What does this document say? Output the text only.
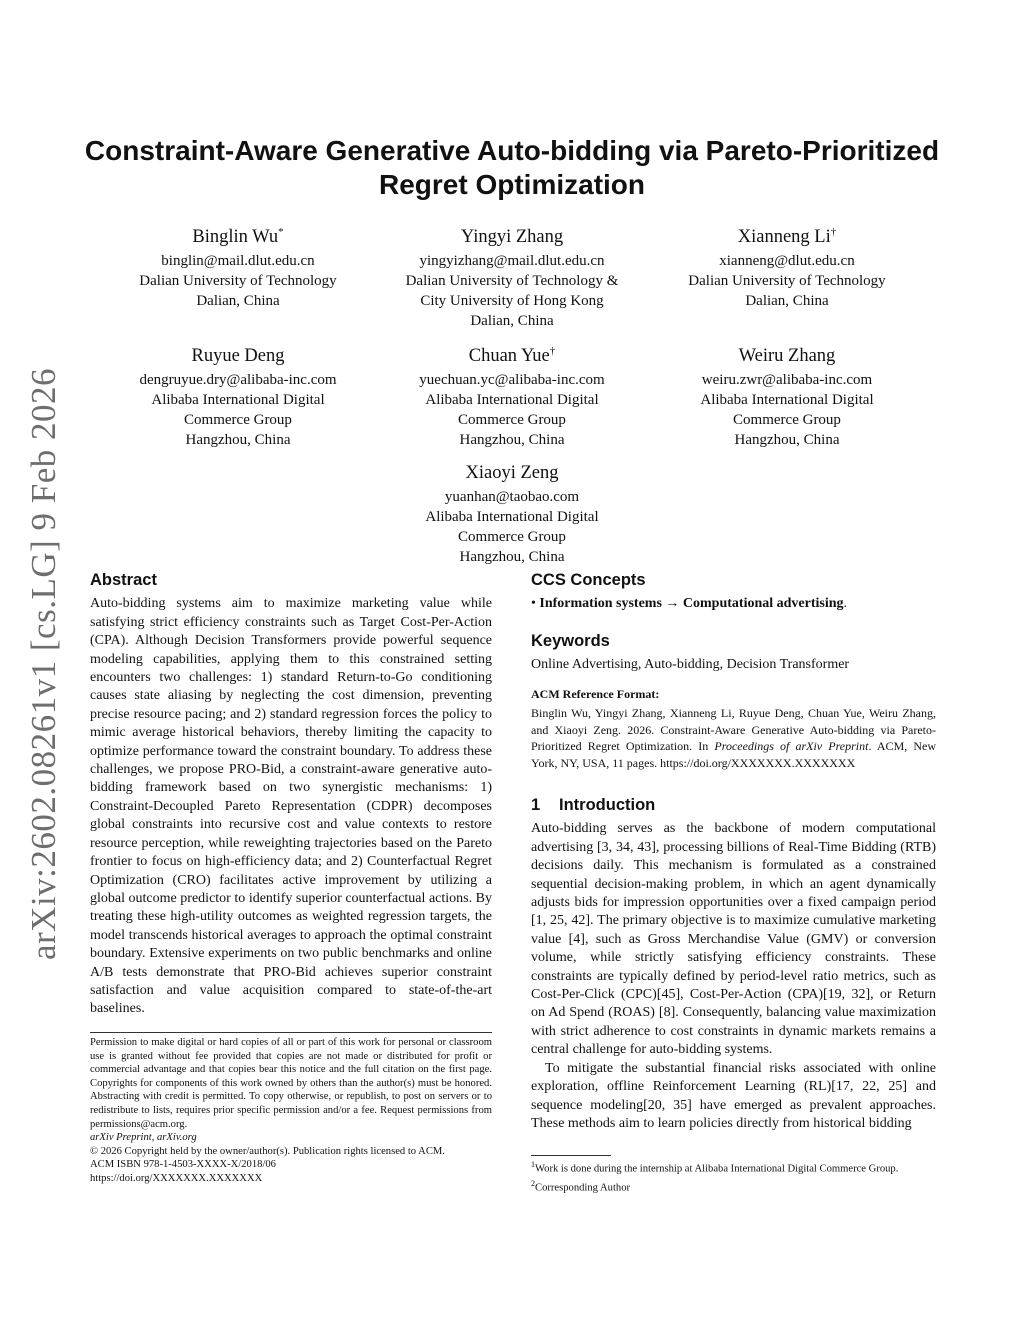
arXiv:2602.08261v1 [cs.LG] 9 Feb 2026
Constraint-Aware Generative Auto-bidding via Pareto-Prioritized Regret Optimization
Binglin Wu*
binglin@mail.dlut.edu.cn
Dalian University of Technology
Dalian, China
Yingyi Zhang
yingyizhang@mail.dlut.edu.cn
Dalian University of Technology &
City University of Hong Kong
Dalian, China
Xianneng Li†
xianneng@dlut.edu.cn
Dalian University of Technology
Dalian, China
Ruyue Deng
dengruyue.dry@alibaba-inc.com
Alibaba International Digital
Commerce Group
Hangzhou, China
Chuan Yue†
yuechuan.yc@alibaba-inc.com
Alibaba International Digital
Commerce Group
Hangzhou, China
Weiru Zhang
weiru.zwr@alibaba-inc.com
Alibaba International Digital
Commerce Group
Hangzhou, China
Xiaoyi Zeng
yuanhan@taobao.com
Alibaba International Digital
Commerce Group
Hangzhou, China
Abstract

Auto-bidding systems aim to maximize marketing value while satisfying strict efficiency constraints such as Target Cost-Per-Action (CPA). Although Decision Transformers provide powerful sequence modeling capabilities, applying them to this constrained setting encounters two challenges: 1) standard Return-to-Go conditioning causes state aliasing by neglecting the cost dimension, preventing precise resource pacing; and 2) standard regression forces the policy to mimic average historical behaviors, thereby limiting the capacity to optimize performance toward the constraint boundary. To address these challenges, we propose PRO-Bid, a constraint-aware generative auto-bidding framework based on two synergistic mechanisms: 1) Constraint-Decoupled Pareto Representation (CDPR) decomposes global constraints into recursive cost and value contexts to restore resource perception, while reweighting trajectories based on the Pareto frontier to focus on high-efficiency data; and 2) Counterfactual Regret Optimization (CRO) facilitates active improvement by utilizing a global outcome predictor to identify superior counterfactual actions. By treating these high-utility outcomes as weighted regression targets, the model transcends historical averages to approach the optimal constraint boundary. Extensive experiments on two public benchmarks and online A/B tests demonstrate that PRO-Bid achieves superior constraint satisfaction and value acquisition compared to state-of-the-art baselines.

Permission to make digital or hard copies of all or part of this work for personal or classroom use is granted without fee provided that copies are not made or distributed for profit or commercial advantage and that copies bear this notice and the full citation on the first page. Copyrights for components of this work owned by others than the author(s) must be honored. Abstracting with credit is permitted. To copy otherwise, or republish, to post on servers or to redistribute to lists, requires prior specific permission and/or a fee. Request permissions from permissions@acm.org.

arXiv Preprint, arXiv.org

© 2026 Copyright held by the owner/author(s). Publication rights licensed to ACM.

ACM ISBN 978-1-4503-XXXX-X/2018/06

https://doi.org/XXXXXXX.XXXXXXX

CCS Concepts
• Information systems → Computational advertising.
Keywords

Online Advertising, Auto-bidding, Decision Transformer

ACM Reference Format:

Binglin Wu, Yingyi Zhang, Xianneng Li, Ruyue Deng, Chuan Yue, Weiru Zhang, and Xiaoyi Zeng. 2026. Constraint-Aware Generative Auto-bidding via Pareto-Prioritized Regret Optimization. In Proceedings of arXiv Preprint. ACM, New York, NY, USA, 11 pages. https://doi.org/XXXXXXX.XXXXXXX

1 Introduction

Auto-bidding serves as the backbone of modern computational advertising [3, 34, 43], processing billions of Real-Time Bidding (RTB) decisions daily. This mechanism is formulated as a constrained sequential decision-making problem, in which an agent dynamically adjusts bids for impression opportunities over a fixed campaign period [1, 25, 42]. The primary objective is to maximize cumulative marketing value [4], such as Gross Merchandise Value (GMV) or conversion volume, while strictly satisfying efficiency constraints. These constraints are typically defined by period-level ratio metrics, such as Cost-Per-Click (CPC)[45], Cost-Per-Action (CPA)[19, 32], or Return on Ad Spend (ROAS) [8]. Consequently, balancing value maximization with strict adherence to cost constraints in dynamic markets remains a central challenge for auto-bidding systems.

To mitigate the substantial financial risks associated with online exploration, offline Reinforcement Learning (RL)[17, 22, 25] and sequence modeling[20, 35] have emerged as prevalent approaches. These methods aim to learn policies directly from historical bidding

$^1$Work is done during the internship at Alibaba International Digital Commerce Group.

$^2$Corresponding Author
